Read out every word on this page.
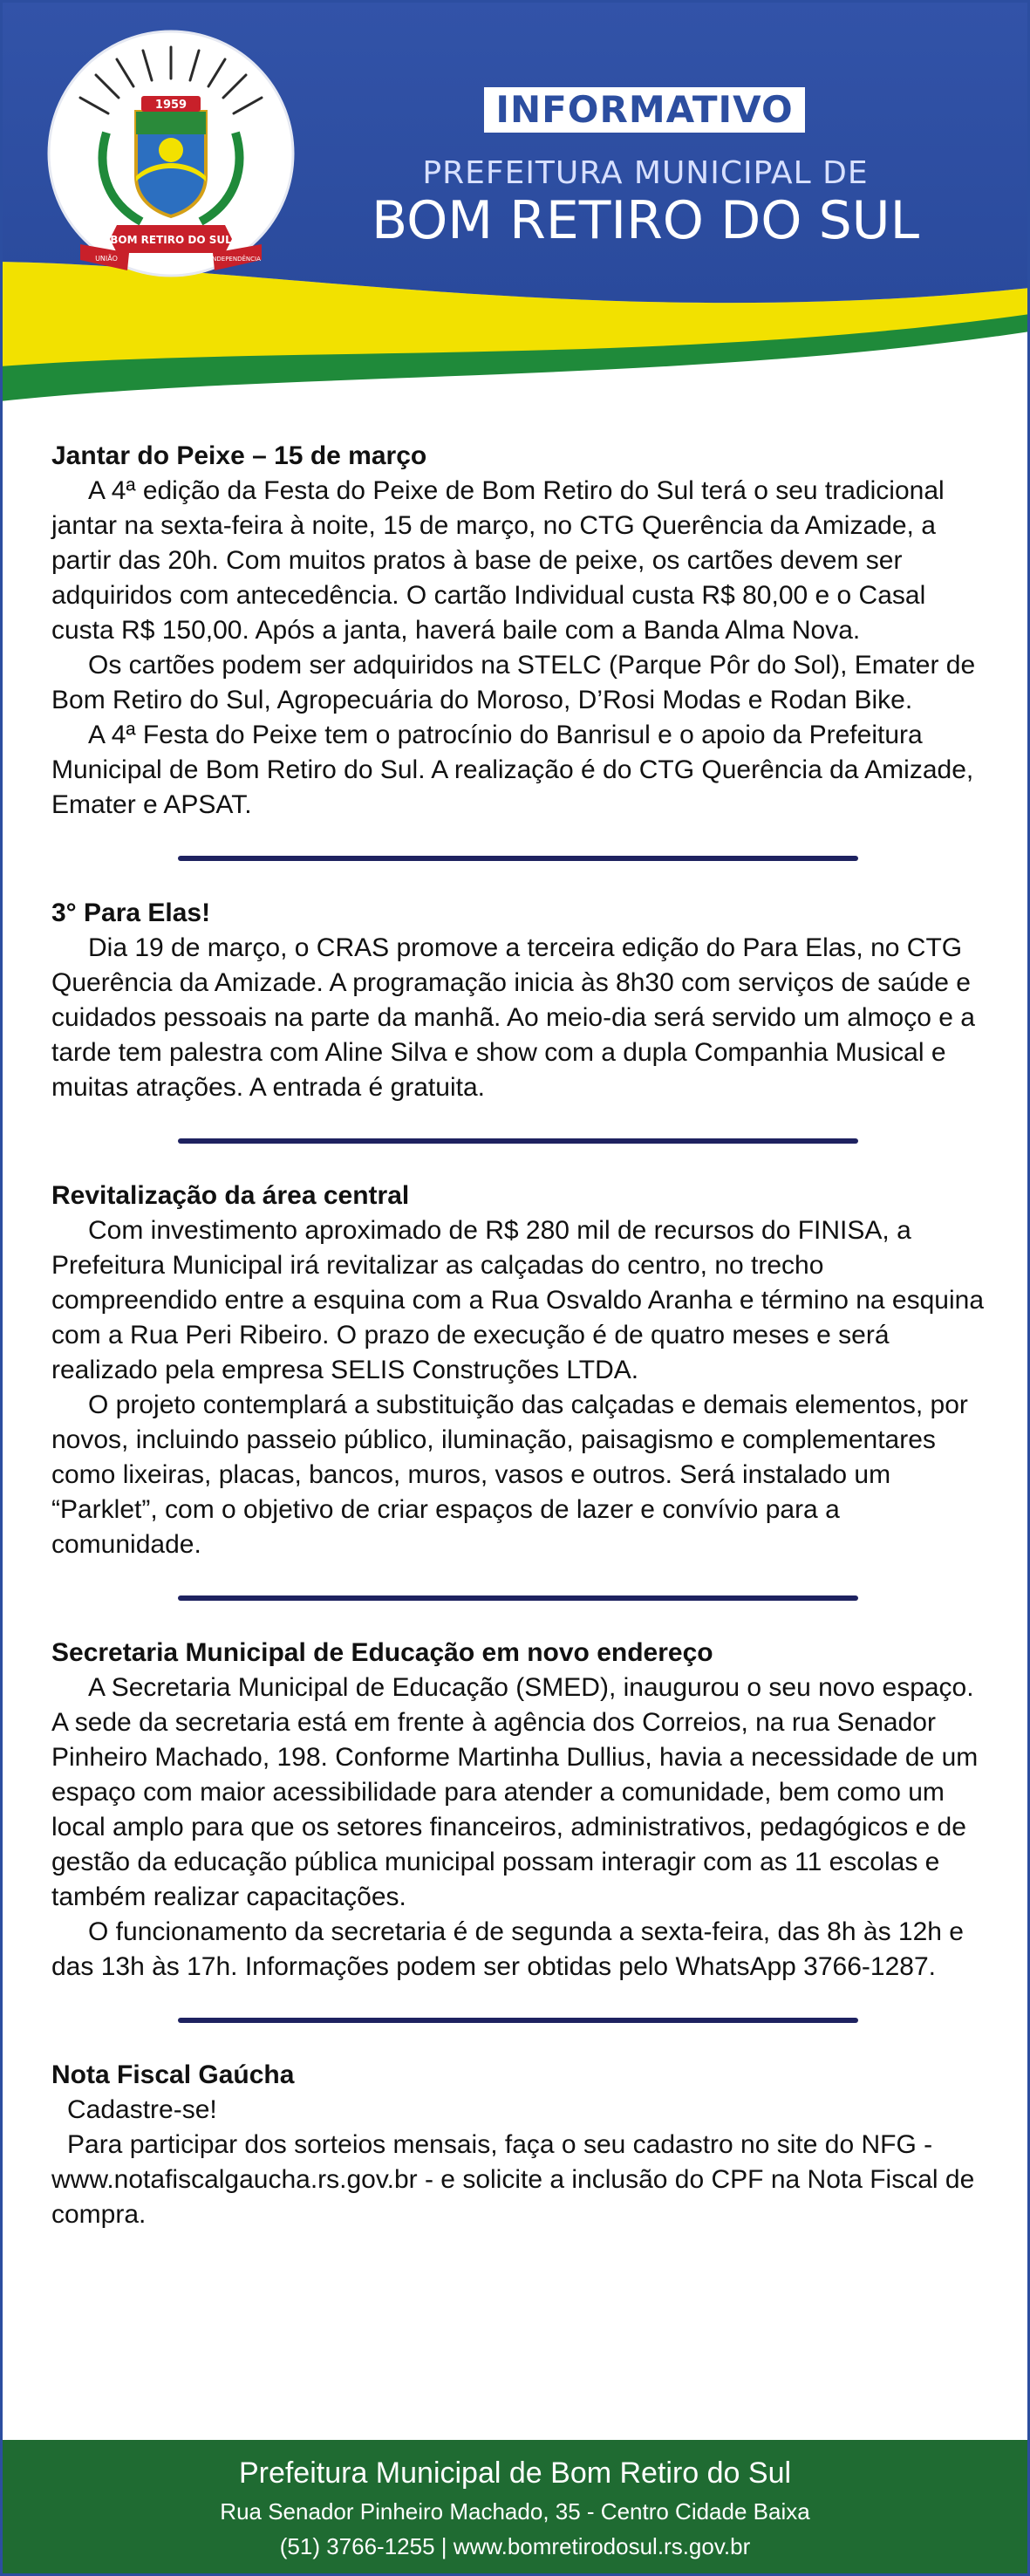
1959
BOM RETIRO DO SUL
UNIÃO	INDEPENDÊNCIA
INFORMATIVO
PREFEITURA MUNICIPAL DE
BOM RETIRO DO SUL
Jantar do Peixe – 15 de março
A 4ª edição da Festa do Peixe de Bom Retiro do Sul terá o seu tradicional jantar na sexta-feira à noite, 15 de março, no CTG Querência da Amizade, a partir das 20h. Com muitos pratos à base de peixe, os cartões devem ser adquiridos com antecedência. O cartão Individual custa R$ 80,00 e o Casal custa R$ 150,00. Após a janta, haverá baile com a Banda Alma Nova.
Os cartões podem ser adquiridos na STELC (Parque Pôr do Sol), Emater de Bom Retiro do Sul, Agropecuária do Moroso, D’Rosi Modas e Rodan Bike.
A 4ª Festa do Peixe tem o patrocínio do Banrisul e o apoio da Prefeitura Municipal de Bom Retiro do Sul. A realização é do CTG Querência da Amizade, Emater e APSAT.
3° Para Elas!
Dia 19 de março, o CRAS promove a terceira edição do Para Elas, no CTG Querência da Amizade. A programação inicia às 8h30 com serviços de saúde e cuidados pessoais na parte da manhã. Ao meio-dia será servido um almoço e a tarde tem palestra com Aline Silva e show com a dupla Companhia Musical e muitas atrações. A entrada é gratuita.
Revitalização da área central
Com investimento aproximado de R$ 280 mil de recursos do FINISA, a Prefeitura Municipal irá revitalizar as calçadas do centro, no trecho compreendido entre a esquina com a Rua Osvaldo Aranha e término na esquina com a Rua Peri Ribeiro. O prazo de execução é de quatro meses e será realizado pela empresa SELIS Construções LTDA.
O projeto contemplará a substituição das calçadas e demais elementos, por novos, incluindo passeio público, iluminação, paisagismo e complementares como lixeiras, placas, bancos, muros, vasos e outros. Será instalado um “Parklet”, com o objetivo de criar espaços de lazer e convívio para a comunidade.
Secretaria Municipal de Educação em novo endereço
A Secretaria Municipal de Educação (SMED), inaugurou o seu novo espaço. A sede da secretaria está em frente à agência dos Correios, na rua Senador Pinheiro Machado, 198. Conforme Martinha Dullius, havia a necessidade de um espaço com maior acessibilidade para atender a comunidade, bem como um local amplo para que os setores financeiros, administrativos, pedagógicos e de gestão da educação pública municipal possam interagir com as 11 escolas e também realizar capacitações.
O funcionamento da secretaria é de segunda a sexta-feira, das 8h às 12h e das 13h às 17h. Informações podem ser obtidas pelo WhatsApp 3766-1287.
Nota Fiscal Gaúcha
Cadastre-se!
Para participar dos sorteios mensais, faça o seu cadastro no site do NFG - www.notafiscalgaucha.rs.gov.br - e solicite a inclusão do CPF na Nota Fiscal de compra.
Prefeitura Municipal de Bom Retiro do Sul
Rua Senador Pinheiro Machado, 35 - Centro Cidade Baixa
(51) 3766-1255 | www.bomretirodosul.rs.gov.br
